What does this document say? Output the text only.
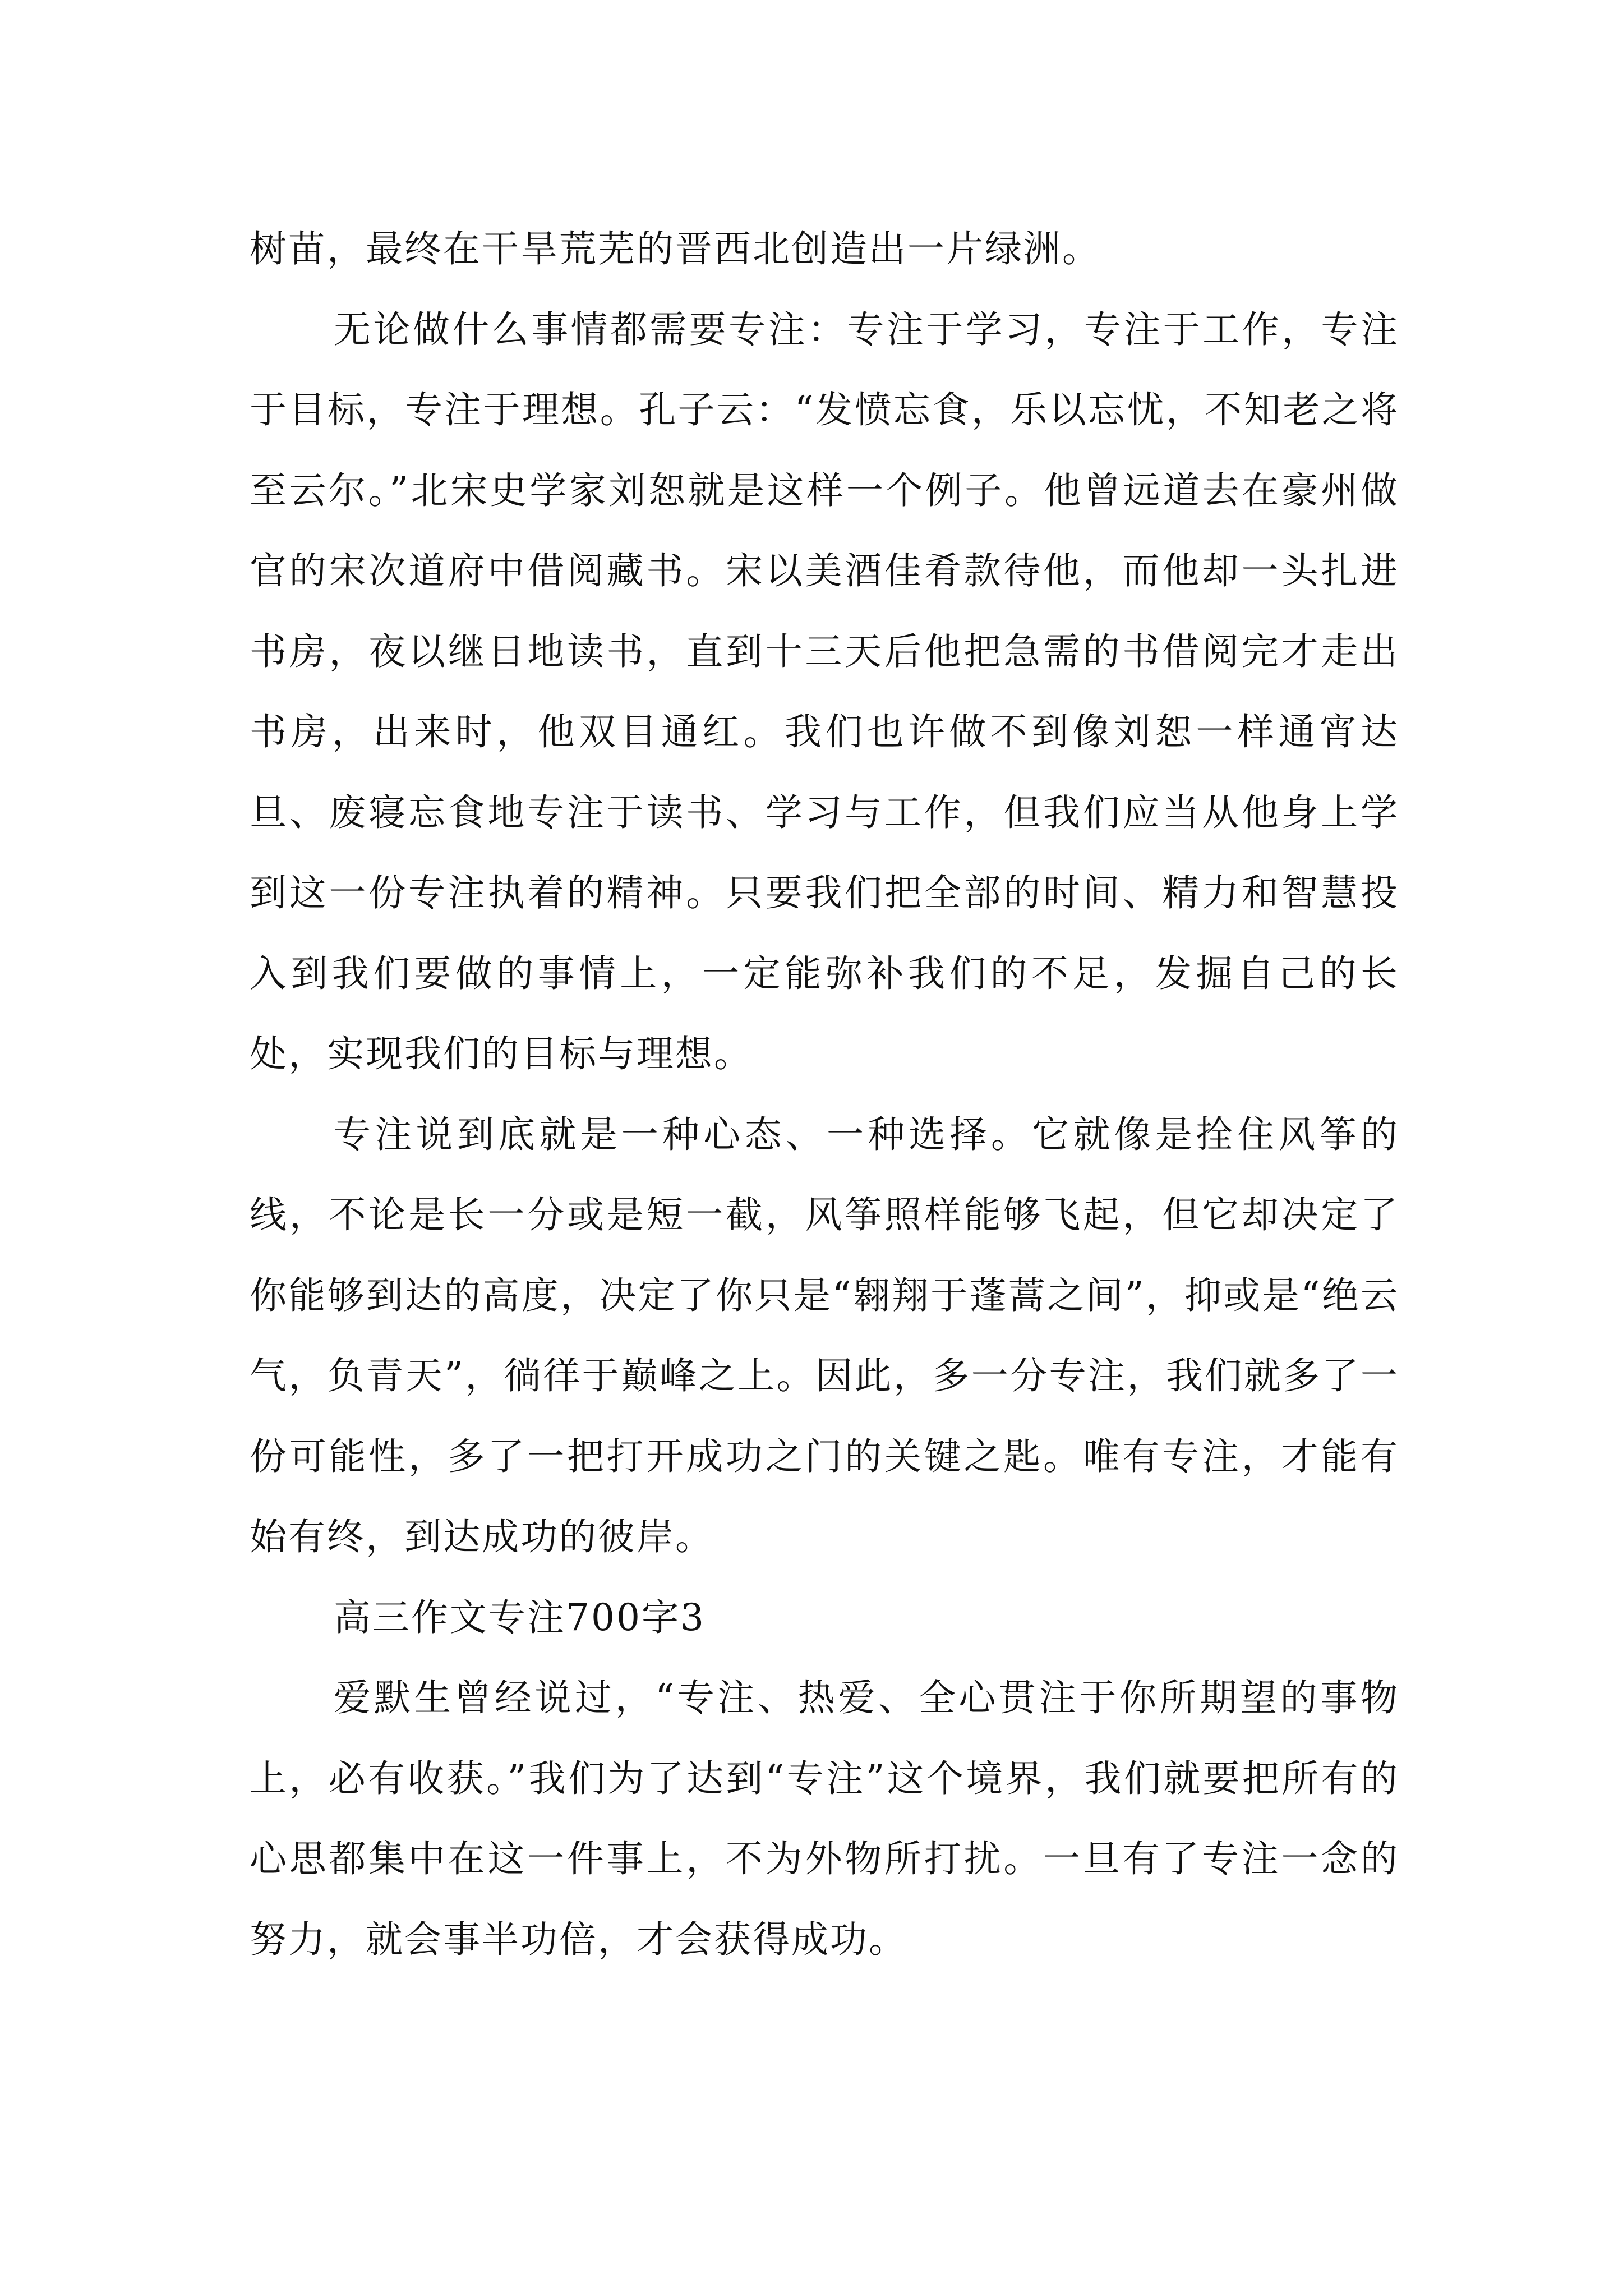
树苗，最终在干旱荒芜的晋西北创造出一片绿洲。

无论做什么事情都需要专注：专注于学习，专注于工作，专注于目标，专注于理想。孔子云：“发愤忘食，乐以忘忧，不知老之将至云尔。”北宋史学家刘恕就是这样一个例子。他曾远道去在豪州做官的宋次道府中借阅藏书。宋以美酒佳肴款待他，而他却一头扎进书房，夜以继日地读书，直到十三天后他把急需的书借阅完才走出书房，出来时，他双目通红。我们也许做不到像刘恕一样通宵达旦、废寝忘食地专注于读书、学习与工作，但我们应当从他身上学到这一份专注执着的精神。只要我们把全部的时间、精力和智慧投入到我们要做的事情上，一定能弥补我们的不足，发掘自己的长处，实现我们的目标与理想。

专注说到底就是一种心态、一种选择。它就像是拴住风筝的线，不论是长一分或是短一截，风筝照样能够飞起，但它却决定了你能够到达的高度，决定了你只是“翱翔于蓬蒿之间”，抑或是“绝云气，负青天”，徜徉于巅峰之上。因此，多一分专注，我们就多了一份可能性，多了一把打开成功之门的关键之匙。唯有专注，才能有始有终，到达成功的彼岸。

高三作文专注700字3

爱默生曾经说过，“专注、热爱、全心贯注于你所期望的事物上，必有收获。”我们为了达到“专注”这个境界，我们就要把所有的心思都集中在这一件事上，不为外物所打扰。一旦有了专注一念的努力，就会事半功倍，才会获得成功。
